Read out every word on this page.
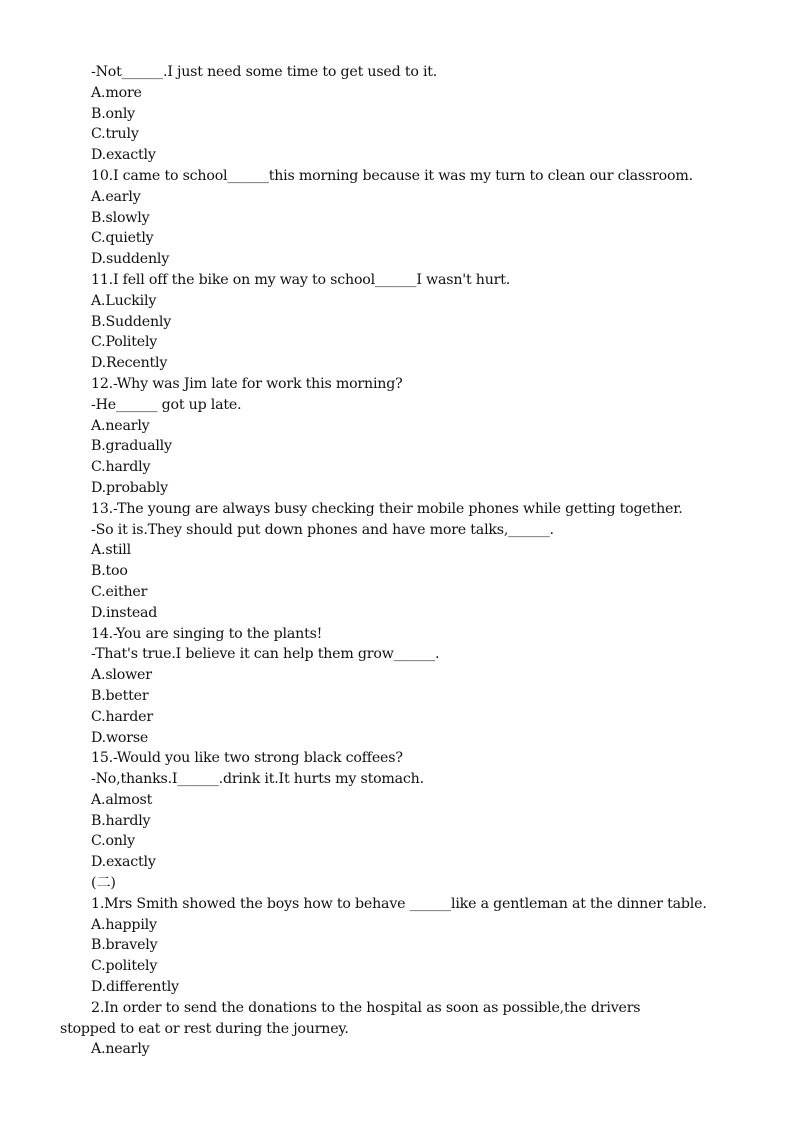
-Not______.I just need some time to get used to it.
A.more
B.only
C.truly
D.exactly
10.I came to school______this morning because it was my turn to clean our classroom.
A.early
B.slowly
C.quietly
D.suddenly
11.I fell off the bike on my way to school______I wasn't hurt.
A.Luckily
B.Suddenly
C.Politely
D.Recently
12.-Why was Jim late for work this morning?
-He______ got up late.
A.nearly
B.gradually
C.hardly
D.probably
13.-The young are always busy checking their mobile phones while getting together.
-So it is.They should put down phones and have more talks,______.
A.still
B.too
C.either
D.instead
14.-You are singing to the plants!
-That's true.I believe it can help them grow______.
A.slower
B.better
C.harder
D.worse
15.-Would you like two strong black coffees?
-No,thanks.I______.drink it.It hurts my stomach.
A.almost
B.hardly
C.only
D.exactly
(二)
1.Mrs Smith showed the boys how to behave ______like a gentleman at the dinner table.
A.happily
B.bravely
C.politely
D.differently
2.In order to send the donations to the hospital as soon as possible,the drivers
stopped to eat or rest during the journey.
A.nearly
